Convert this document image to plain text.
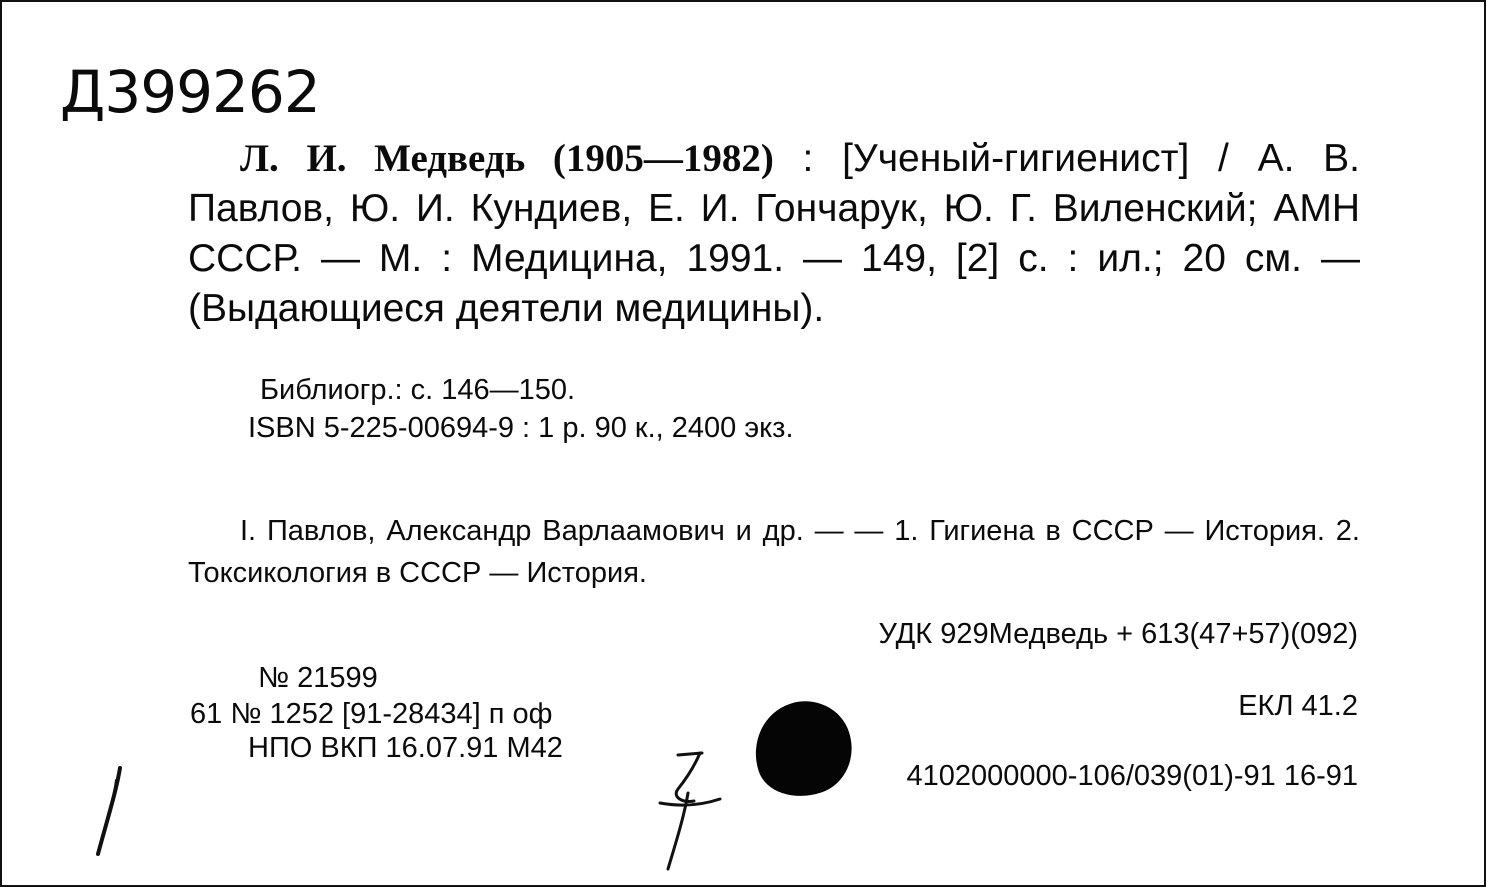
Д399262
Л. И. Медведь (1905—1982) : [Ученый-гигиенист] / А. В. Павлов, Ю. И. Кундиев, Е. И. Гончарук, Ю. Г. Виленский; АМН СССР. — М. : Медицина, 1991. — 149, [2] с. : ил.; 20 см. — (Выдающиеся деятели медицины).
Библиогр.: с. 146—150.
ISBN 5-225-00694-9 : 1 р. 90 к., 2400 экз.
I. Павлов, Александр Варлаамович и др. — — 1. Гигиена в СССР — История. 2. Токсикология в СССР — История.
УДК 929Медведь + 613(47+57)(092)
ЕКЛ 41.2
4102000000-106/039(01)-91 16-91
№ 21599
61 № 1252 [91-28434] п оф
НПО ВКП 16.07.91 М42
